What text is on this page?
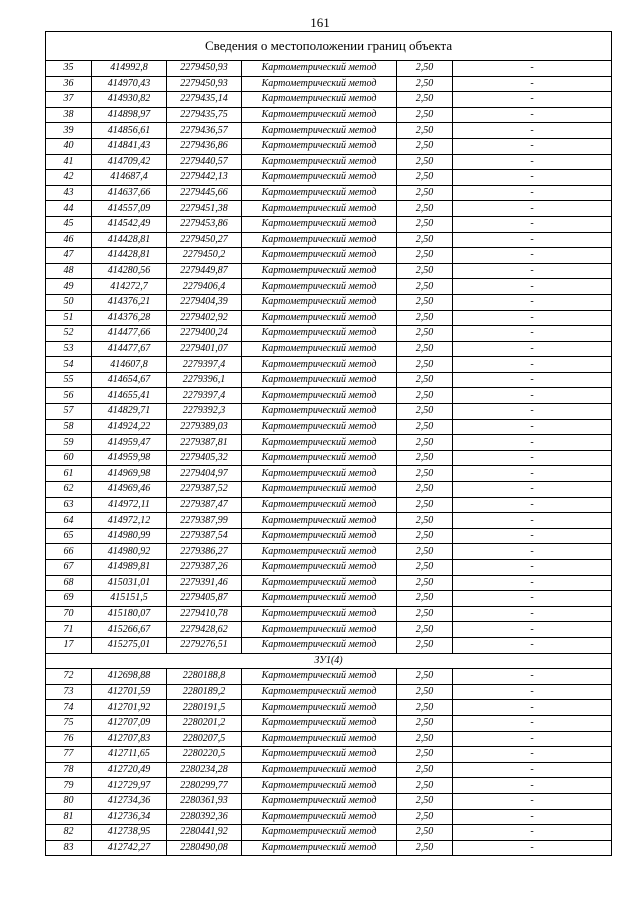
161
Сведения о местоположении границ объекта					
35	414992,8	2279450,93	Картометрический метод	2,50	-
36	414970,43	2279450,93	Картометрический метод	2,50	-
37	414930,82	2279435,14	Картометрический метод	2,50	-
38	414898,97	2279435,75	Картометрический метод	2,50	-
39	414856,61	2279436,57	Картометрический метод	2,50	-
40	414841,43	2279436,86	Картометрический метод	2,50	-
41	414709,42	2279440,57	Картометрический метод	2,50	-
42	414687,4	2279442,13	Картометрический метод	2,50	-
43	414637,66	2279445,66	Картометрический метод	2,50	-
44	414557,09	2279451,38	Картометрический метод	2,50	-
45	414542,49	2279453,86	Картометрический метод	2,50	-
46	414428,81	2279450,27	Картометрический метод	2,50	-
47	414428,81	2279450,2	Картометрический метод	2,50	-
48	414280,56	2279449,87	Картометрический метод	2,50	-
49	414272,7	2279406,4	Картометрический метод	2,50	-
50	414376,21	2279404,39	Картометрический метод	2,50	-
51	414376,28	2279402,92	Картометрический метод	2,50	-
52	414477,66	2279400,24	Картометрический метод	2,50	-
53	414477,67	2279401,07	Картометрический метод	2,50	-
54	414607,8	2279397,4	Картометрический метод	2,50	-
55	414654,67	2279396,1	Картометрический метод	2,50	-
56	414655,41	2279397,4	Картометрический метод	2,50	-
57	414829,71	2279392,3	Картометрический метод	2,50	-
58	414924,22	2279389,03	Картометрический метод	2,50	-
59	414959,47	2279387,81	Картометрический метод	2,50	-
60	414959,98	2279405,32	Картометрический метод	2,50	-
61	414969,98	2279404,97	Картометрический метод	2,50	-
62	414969,46	2279387,52	Картометрический метод	2,50	-
63	414972,11	2279387,47	Картометрический метод	2,50	-
64	414972,12	2279387,99	Картометрический метод	2,50	-
65	414980,99	2279387,54	Картометрический метод	2,50	-
66	414980,92	2279386,27	Картометрический метод	2,50	-
67	414989,81	2279387,26	Картометрический метод	2,50	-
68	415031,01	2279391,46	Картометрический метод	2,50	-
69	415151,5	2279405,87	Картометрический метод	2,50	-
70	415180,07	2279410,78	Картометрический метод	2,50	-
71	415266,67	2279428,62	Картометрический метод	2,50	-
17	415275,01	2279276,51	Картометрический метод	2,50	-
ЗУ1(4)					
72	412698,88	2280188,8	Картометрический метод	2,50	-
73	412701,59	2280189,2	Картометрический метод	2,50	-
74	412701,92	2280191,5	Картометрический метод	2,50	-
75	412707,09	2280201,2	Картометрический метод	2,50	-
76	412707,83	2280207,5	Картометрический метод	2,50	-
77	412711,65	2280220,5	Картометрический метод	2,50	-
78	412720,49	2280234,28	Картометрический метод	2,50	-
79	412729,97	2280299,77	Картометрический метод	2,50	-
80	412734,36	2280361,93	Картометрический метод	2,50	-
81	412736,34	2280392,36	Картометрический метод	2,50	-
82	412738,95	2280441,92	Картометрический метод	2,50	-
83	412742,27	2280490,08	Картометрический метод	2,50	-
